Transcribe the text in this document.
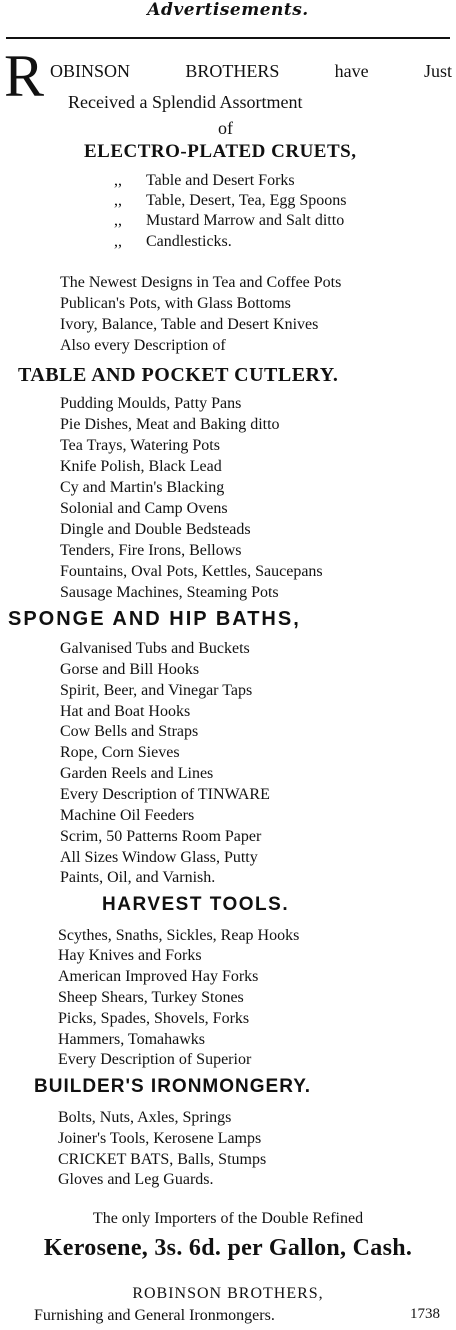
Advertisements.
R OBINSON	BROTHERS	have	Just
Received a Splendid Assortment
of
ELECTRO-PLATED CRUETS,
,, Table and Desert Forks
,, Table, Desert, Tea, Egg Spoons
,, Mustard Marrow and Salt ditto
,, Candlesticks.
The Newest Designs in Tea and Coffee Pots
Publican's Pots, with Glass Bottoms
Ivory, Balance, Table and Desert Knives
Also every Description of
TABLE AND POCKET CUTLERY.
Pudding Moulds, Patty Pans
Pie Dishes, Meat and Baking ditto
Tea Trays, Watering Pots
Knife Polish, Black Lead
Cy and Martin's Blacking
Solonial and Camp Ovens
Dingle and Double Bedsteads
Tenders, Fire Irons, Bellows
Fountains, Oval Pots, Kettles, Saucepans
Sausage Machines, Steaming Pots
SPONGE AND HIP BATHS,
Galvanised Tubs and Buckets
Gorse and Bill Hooks
Spirit, Beer, and Vinegar Taps
Hat and Boat Hooks
Cow Bells and Straps
Rope, Corn Sieves
Garden Reels and Lines
Every Description of TINWARE
Machine Oil Feeders
Scrim, 50 Patterns Room Paper
All Sizes Window Glass, Putty
Paints, Oil, and Varnish.
HARVEST TOOLS.
Scythes, Snaths, Sickles, Reap Hooks
Hay Knives and Forks
American Improved Hay Forks
Sheep Shears, Turkey Stones
Picks, Spades, Shovels, Forks
Hammers, Tomahawks
Every Description of Superior
BUILDER'S IRONMONGERY.
Bolts, Nuts, Axles, Springs
Joiner's Tools, Kerosene Lamps
CRICKET BATS, Balls, Stumps
Gloves and Leg Guards.
The only Importers of the Double Refined
Kerosene, 3s. 6d. per Gallon, Cash.
ROBINSON BROTHERS,
Furnishing and General Ironmongers.	1738
